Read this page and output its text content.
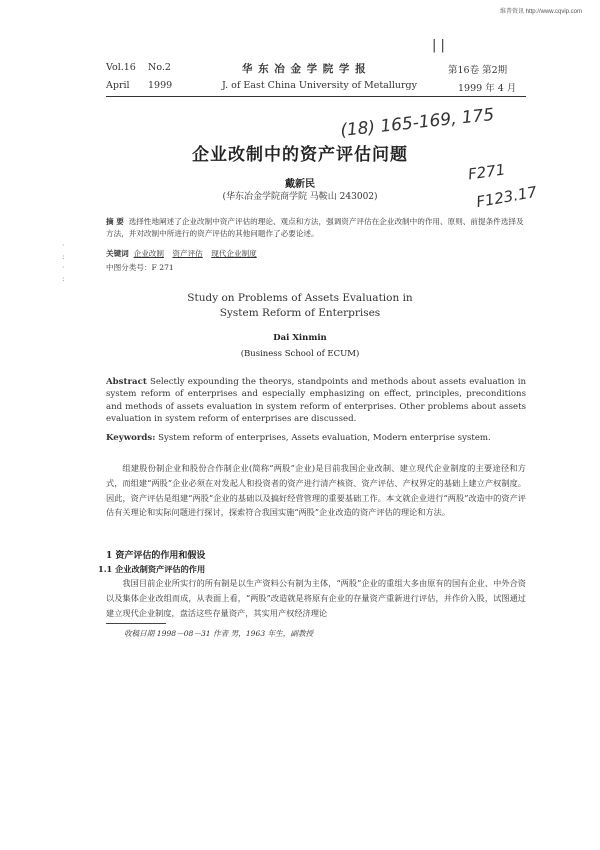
维普资讯 http://www.cqvip.com
Vol.16 No.2
April 1999
华 东 冶 金 学 院 学 报
J. of East China University of Metallurgy
第16卷 第2期
1999 年 4 月
| |
(18) 165-169, 175
F271
F123.17
·
:
·
:
企业改制中的资产评估问题
戴新民
(华东冶金学院商学院 马鞍山 243002)
摘 要 选择性地阐述了企业改制中资产评估的理论、观点和方法，强调资产评估在企业改制中的作用、原则、前提条件选择及方法，并对改制中所进行的资产评估的其他问题作了必要论述。
关键词 企业改制 资产评估 现代企业制度
中图分类号：F 271
Study on Problems of Assets Evaluation in
System Reform of Enterprises
Dai Xinmin
(Business School of ECUM)
Abstract Selectly expounding the theorys, standpoints and methods about assets evaluation in system reform of enterprises and especially emphasizing on effect, principles, preconditions and methods of assets evaluation in system reform of enterprises. Other problems about assets evaluation in system reform of enterprises are discussed.
Keywords: System reform of enterprises, Assets evaluation, Modern enterprise system.
组建股份制企业和股份合作制企业(简称“两股”企业)是目前我国企业改制、建立现代企业制度的主要途径和方式，而组建“两股”企业必须在对发起人和投资者的资产进行清产核资、资产评估、产权界定的基础上建立产权制度。因此，资产评估是组建“两股”企业的基础以及搞好经营管理的重要基础工作。本文就企业进行“两股”改造中的资产评估有关理论和实际问题进行探讨，探索符合我国实施“两股”企业改造的资产评估的理论和方法。
1 资产评估的作用和假设
1.1 企业改制资产评估的作用
我国目前企业所实行的所有制是以生产资料公有制为主体，“两股”企业的重组大多由原有的国有企业、中外合资以及集体企业改组而成，从表面上看，“两股”改造就是将原有企业的存量资产重新进行评估，并作价入股，试图通过建立现代企业制度，盘活这些存量资产，其实用产权经济理论
收稿日期 1998－08－31 作者 男，1963 年生，副教授
